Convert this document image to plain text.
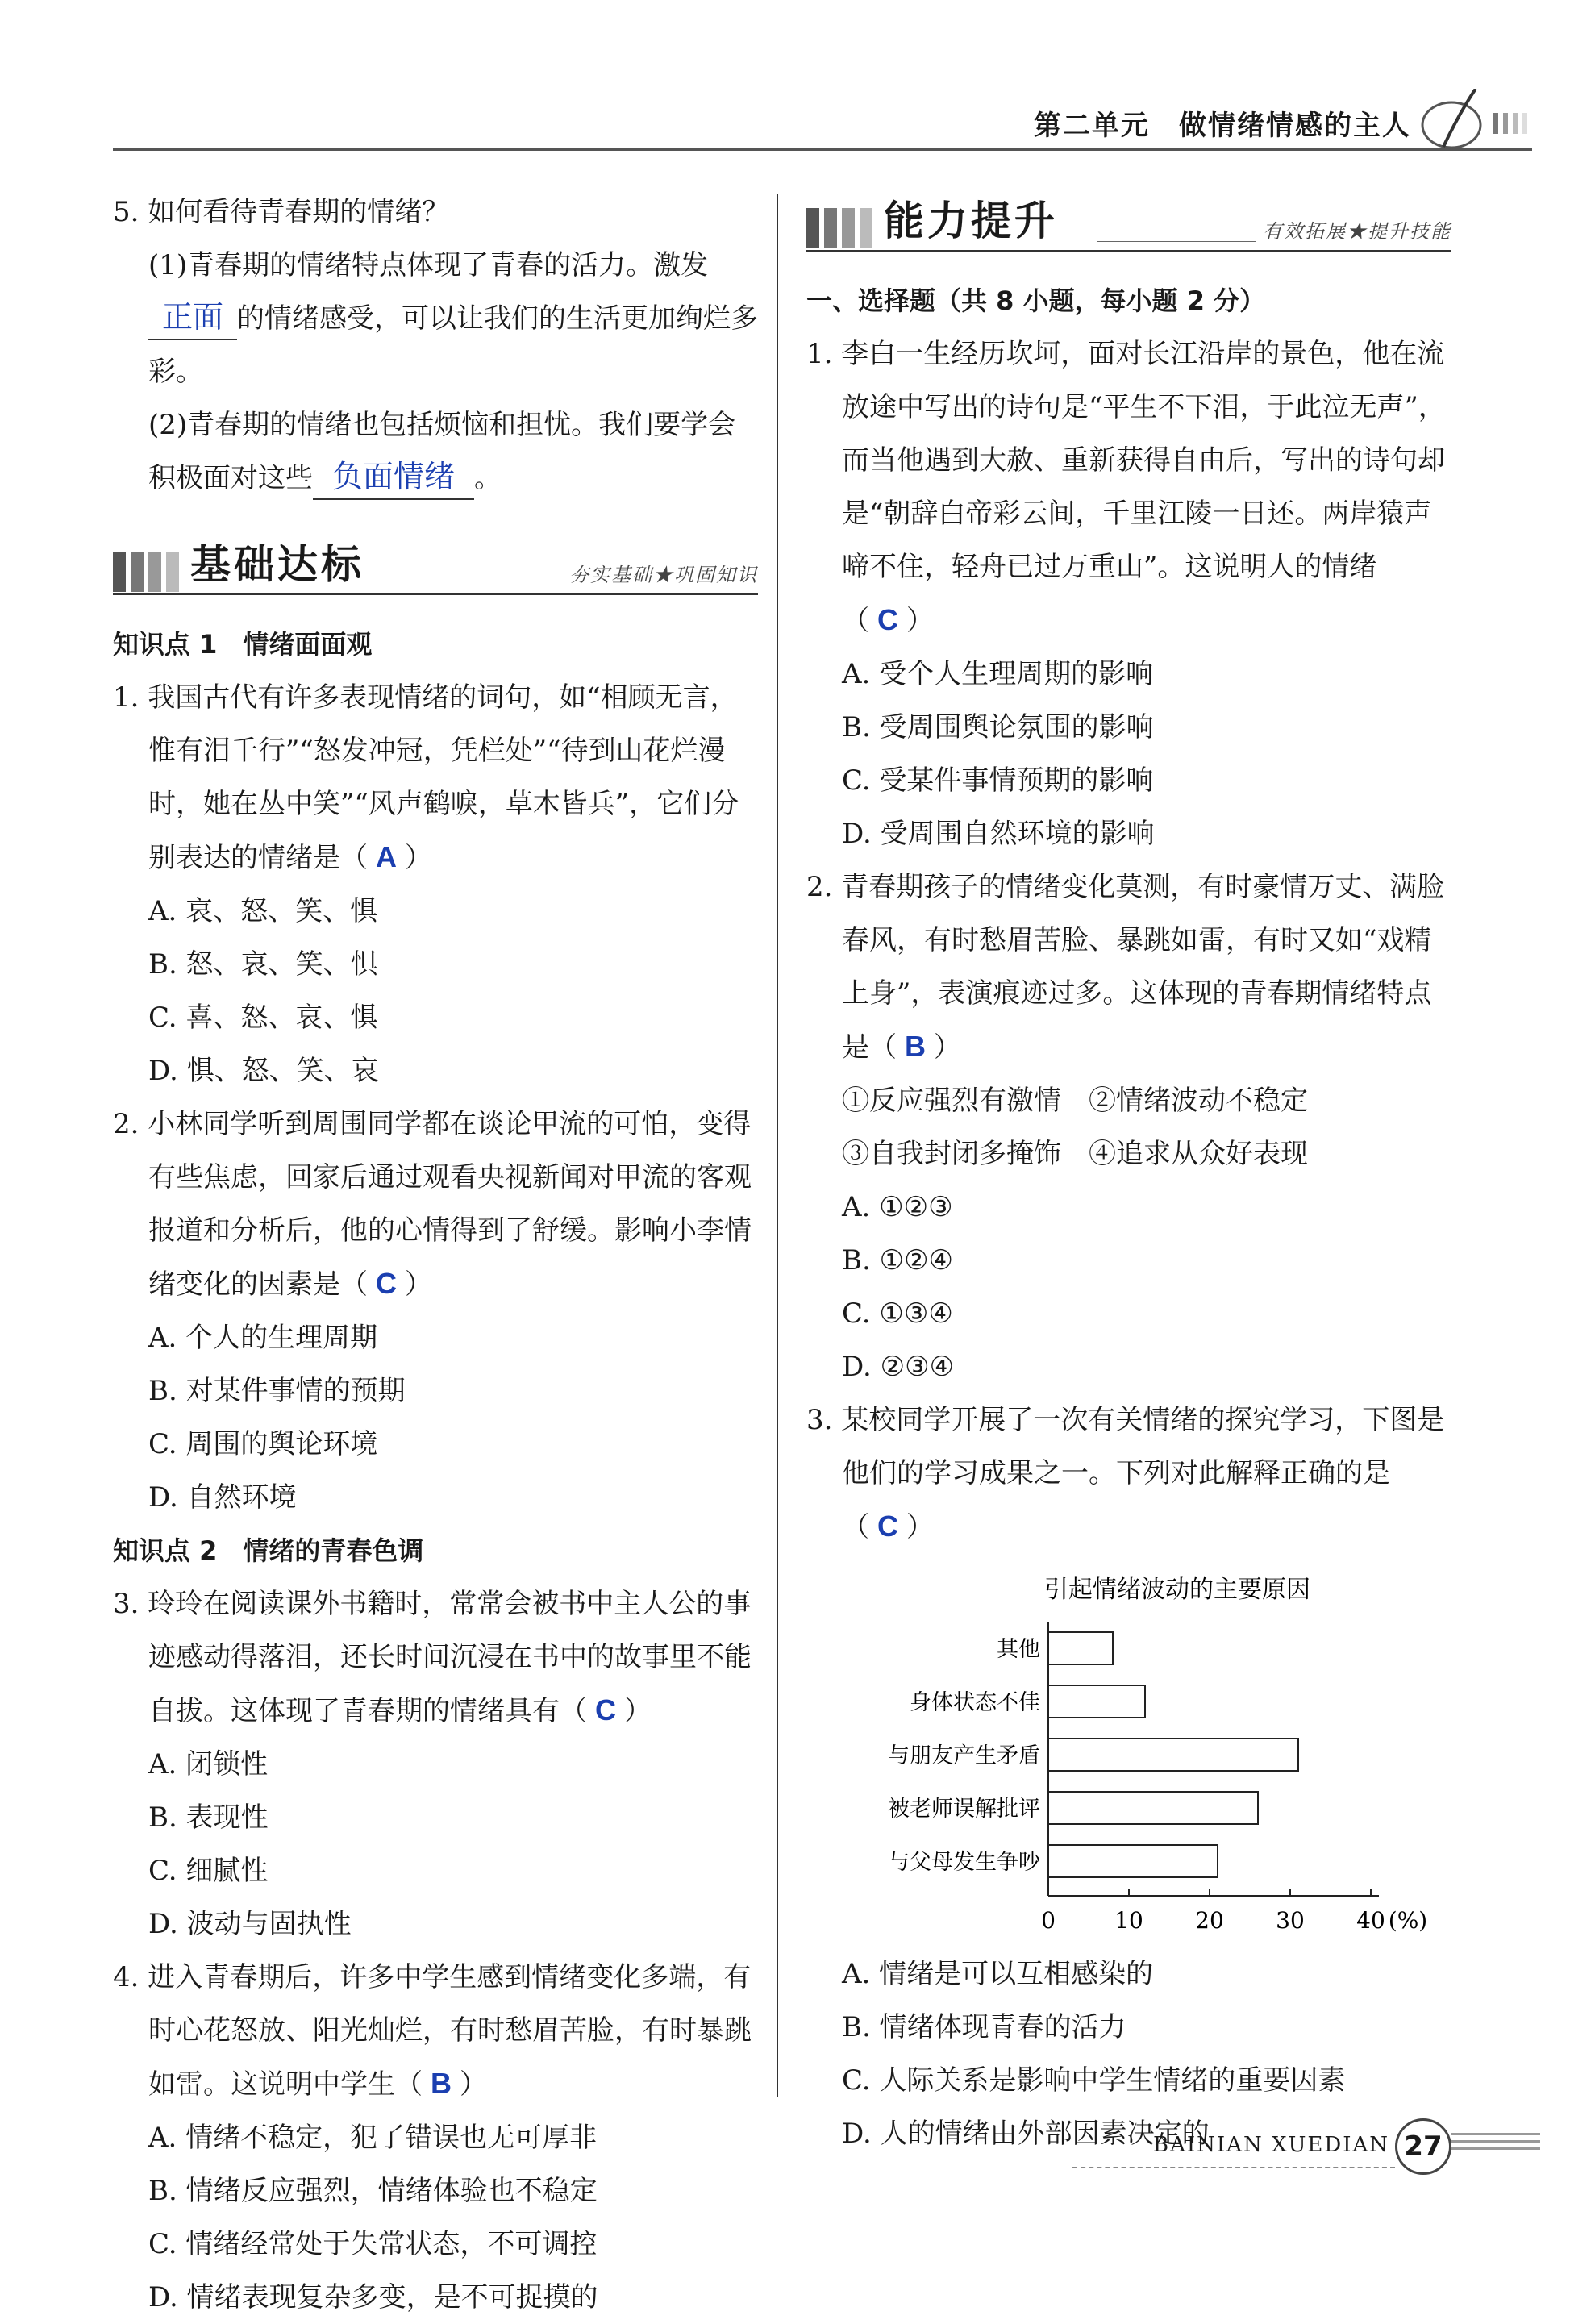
第二单元　做情绪情感的主人

5. 如何看待青春期的情绪？

(1)青春期的情绪特点体现了青春的活力。激发正面 的情绪感受，可以让我们的生活更加绚烂多彩。

(2)青春期的情绪也包括烦恼和担忧。我们要学会积极面对这些 负面情绪 。

基础达标	夯实基础★巩固知识

知识点 1　情绪面面观

1. 我国古代有许多表现情绪的词句，如“相顾无言，惟有泪千行”“怒发冲冠，凭栏处”“待到山花烂漫时，她在丛中笑”“风声鹤唳，草木皆兵”，它们分别表达的情绪是（ A ）

A. 哀、怒、笑、惧
B. 怒、哀、笑、惧
C. 喜、怒、哀、惧
D. 惧、怒、笑、哀

2. 小林同学听到周围同学都在谈论甲流的可怕，变得有些焦虑，回家后通过观看央视新闻对甲流的客观报道和分析后，他的心情得到了舒缓。影响小李情绪变化的因素是（ C ）

A. 个人的生理周期
B. 对某件事情的预期
C. 周围的舆论环境
D. 自然环境

知识点 2　情绪的青春色调

3. 玲玲在阅读课外书籍时，常常会被书中主人公的事迹感动得落泪，还长时间沉浸在书中的故事里不能自拔。这体现了青春期的情绪具有（ C ）

A. 闭锁性
B. 表现性
C. 细腻性
D. 波动与固执性

4. 进入青春期后，许多中学生感到情绪变化多端，有时心花怒放、阳光灿烂，有时愁眉苦脸，有时暴跳如雷。这说明中学生（ B ）

A. 情绪不稳定，犯了错误也无可厚非
B. 情绪反应强烈，情绪体验也不稳定
C. 情绪经常处于失常状态，不可调控
D. 情绪表现复杂多变，是不可捉摸的
能力提升	有效拓展★提升技能

一、选择题（共 8 小题，每小题 2 分）

1. 李白一生经历坎坷，面对长江沿岸的景色，他在流放途中写出的诗句是“平生不下泪，于此泣无声”，而当他遇到大赦、重新获得自由后，写出的诗句却是“朝辞白帝彩云间，千里江陵一日还。两岸猿声啼不住，轻舟已过万重山”。这说明人的情绪（ C ）

A. 受个人生理周期的影响
B. 受周围舆论氛围的影响
C. 受某件事情预期的影响
D. 受周围自然环境的影响

2. 青春期孩子的情绪变化莫测，有时豪情万丈、满脸春风，有时愁眉苦脸、暴跳如雷，有时又如“戏精上身”，表演痕迹过多。这体现的青春期情绪特点是（ B ）

①反应强烈有激情　②情绪波动不稳定
③自我封闭多掩饰　④追求从众好表现
A. ①②③
B. ①②④
C. ①③④
D. ②③④

3. 某校同学开展了一次有关情绪的探究学习，下图是他们的学习成果之一。下列对此解释正确的是（ C ）

引起情绪波动的主要原因
其他
身体状态不佳
与朋友产生矛盾
被老师误解批评
与父母发生争吵
0	10 20 30 40 (%)
A. 情绪是可以互相感染的
B. 情绪体现青春的活力
C. 人际关系是影响中学生情绪的重要因素
D. 人的情绪由外部因素决定的
BAINIAN XUEDIAN 27
